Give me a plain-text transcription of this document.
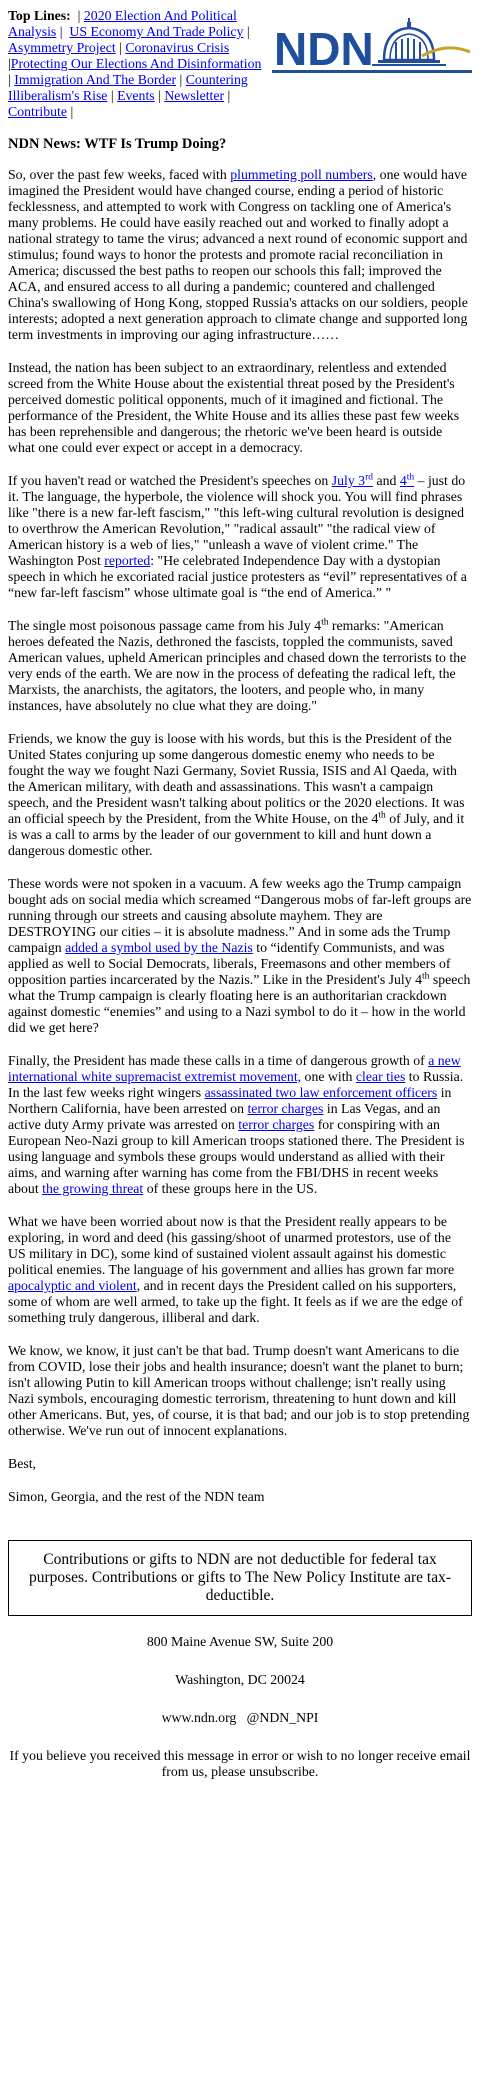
Top Lines:  | 2020 Election And Political Analysis |  US Economy And Trade Policy | Asymmetry Project | Coronavirus Crisis |Protecting Our Elections And Disinformation | Immigration And The Border | Countering Illiberalism's Rise | Events | Newsletter | Contribute |
NDN
NDN News: WTF Is Trump Doing?

So, over the past few weeks, faced with plummeting poll numbers, one would have imagined the President would have changed course, ending a period of historic fecklessness, and attempted to work with Congress on tackling one of America's many problems. He could have easily reached out and worked to finally adopt a national strategy to tame the virus; advanced a next round of economic support and stimulus; found ways to honor the protests and promote racial reconciliation in America; discussed the best paths to reopen our schools this fall; improved the ACA, and ensured access to all during a pandemic; countered and challenged China's swallowing of Hong Kong, stopped Russia's attacks on our soldiers, people interests; adopted a next generation approach to climate change and supported long term investments in improving our aging infrastructure……

Instead, the nation has been subject to an extraordinary, relentless and extended screed from the White House about the existential threat posed by the President's perceived domestic political opponents, much of it imagined and fictional. The performance of the President, the White House and its allies these past few weeks has been reprehensible and dangerous; the rhetoric we've been heard is outside what one could ever expect or accept in a democracy.

If you haven't read or watched the President's speeches on July 3rd and 4th – just do it. The language, the hyperbole, the violence will shock you. You will find phrases like "there is a new far-left fascism," "this left-wing cultural revolution is designed to overthrow the American Revolution," "radical assault" "the radical view of American history is a web of lies," "unleash a wave of violent crime." The Washington Post reported: "He celebrated Independence Day with a dystopian speech in which he excoriated racial justice protesters as “evil” representatives of a “new far-left fascism” whose ultimate goal is “the end of America.” "

The single most poisonous passage came from his July 4th remarks: "American heroes defeated the Nazis, dethroned the fascists, toppled the communists, saved American values, upheld American principles and chased down the terrorists to the very ends of the earth. We are now in the process of defeating the radical left, the Marxists, the anarchists, the agitators, the looters, and people who, in many instances, have absolutely no clue what they are doing."

Friends, we know the guy is loose with his words, but this is the President of the United States conjuring up some dangerous domestic enemy who needs to be fought the way we fought Nazi Germany, Soviet Russia, ISIS and Al Qaeda, with the American military, with death and assassinations. This wasn't a campaign speech, and the President wasn't talking about politics or the 2020 elections. It was an official speech by the President, from the White House, on the 4th of July, and it is was a call to arms by the leader of our government to kill and hunt down a dangerous domestic other.

These words were not spoken in a vacuum. A few weeks ago the Trump campaign bought ads on social media which screamed “Dangerous mobs of far-left groups are running through our streets and causing absolute mayhem. They are DESTROYING our cities – it is absolute madness.” And in some ads the Trump campaign added a symbol used by the Nazis to “identify Communists, and was applied as well to Social Democrats, liberals, Freemasons and other members of opposition parties incarcerated by the Nazis.” Like in the President's July 4th speech what the Trump campaign is clearly floating here is an authoritarian crackdown against domestic “enemies” and using to a Nazi symbol to do it – how in the world did we get here?

Finally, the President has made these calls in a time of dangerous growth of a new international white supremacist extremist movement, one with clear ties to Russia. In the last few weeks right wingers assassinated two law enforcement officers in Northern California, have been arrested on terror charges in Las Vegas, and an active duty Army private was arrested on terror charges for conspiring with an European Neo-Nazi group to kill American troops stationed there. The President is using language and symbols these groups would understand as allied with their aims, and warning after warning has come from the FBI/DHS in recent weeks about the growing threat of these groups here in the US.

What we have been worried about now is that the President really appears to be exploring, in word and deed (his gassing/shoot of unarmed protestors, use of the US military in DC), some kind of sustained violent assault against his domestic political enemies. The language of his government and allies has grown far more apocalyptic and violent, and in recent days the President called on his supporters, some of whom are well armed, to take up the fight. It feels as if we are the edge of something truly dangerous, illiberal and dark.

We know, we know, it just can't be that bad. Trump doesn't want Americans to die from COVID, lose their jobs and health insurance; doesn't want the planet to burn; isn't allowing Putin to kill American troops without challenge; isn't really using Nazi symbols, encouraging domestic terrorism, threatening to hunt down and kill other Americans. But, yes, of course, it is that bad; and our job is to stop pretending otherwise. We've run out of innocent explanations.

Best,

Simon, Georgia, and the rest of the NDN team

Contributions or gifts to NDN are not deductible for federal tax purposes. Contributions or gifts to The New Policy Institute are tax-deductible.
800 Maine Avenue SW, Suite 200
Washington, DC 20024
www.ndn.org @NDN_NPI
If you believe you received this message in error or wish to no longer receive email from us, please unsubscribe.
